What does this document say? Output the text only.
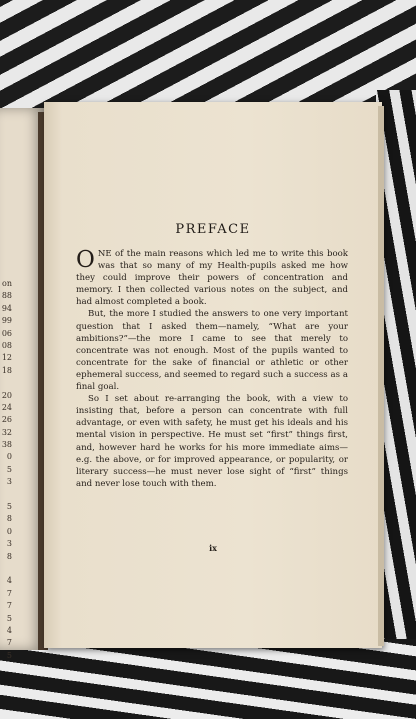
on
88
94
99
06
08
12
18
20
24
26
32
38
0
5
3
5
8
0
3
8
4
7
7
5
4
7
5
PREFACE

ONE of the main reasons which led me to write this book was that so many of my Health-pupils asked me how they could improve their powers of concentration and memory. I then collected various notes on the subject, and had almost completed a book.

But, the more I studied the answers to one very important question that I asked them—namely, “What are your ambitions?”—the more I came to see that merely to concentrate was not enough. Most of the pupils wanted to concentrate for the sake of financial or athletic or other ephemeral success, and seemed to regard such a success as a final goal.

So I set about re-arranging the book, with a view to insisting that, before a person can concentrate with full advantage, or even with safety, he must get his ideals and his mental vision in perspective. He must set “first” things first, and, however hard he works for his more immediate aims—e.g. the above, or for improved appearance, or popularity, or literary success—he must never lose sight of “first” things and never lose touch with them.

ix
